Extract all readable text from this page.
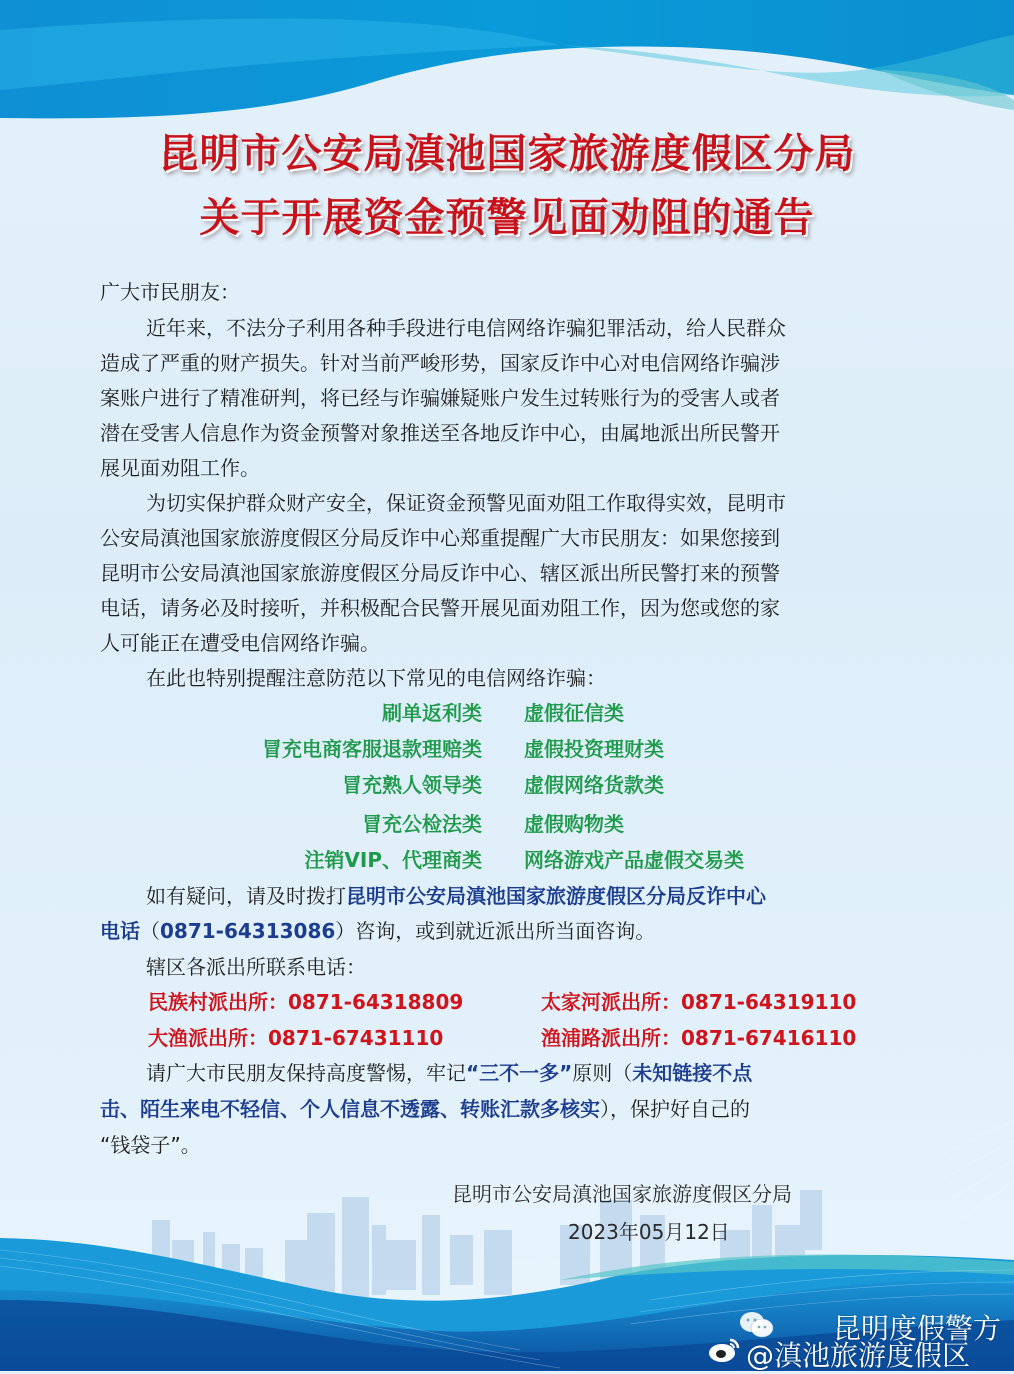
昆明市公安局滇池国家旅游度假区分局
关于开展资金预警见面劝阻的通告
广大市民朋友：
近年来，不法分子利用各种手段进行电信网络诈骗犯罪活动，给人民群众
造成了严重的财产损失。针对当前严峻形势，国家反诈中心对电信网络诈骗涉
案账户进行了精准研判，将已经与诈骗嫌疑账户发生过转账行为的受害人或者
潜在受害人信息作为资金预警对象推送至各地反诈中心，由属地派出所民警开
展见面劝阻工作。
为切实保护群众财产安全，保证资金预警见面劝阻工作取得实效，昆明市
公安局滇池国家旅游度假区分局反诈中心郑重提醒广大市民朋友：如果您接到
昆明市公安局滇池国家旅游度假区分局反诈中心、辖区派出所民警打来的预警
电话，请务必及时接听，并积极配合民警开展见面劝阻工作，因为您或您的家
人可能正在遭受电信网络诈骗。
在此也特别提醒注意防范以下常见的电信网络诈骗：
刷单返利类 虚假征信类
冒充电商客服退款理赔类 虚假投资理财类
冒充熟人领导类 虚假网络货款类
冒充公检法类 虚假购物类
注销VIP、代理商类 网络游戏产品虚假交易类
如有疑问，请及时拨打昆明市公安局滇池国家旅游度假区分局反诈中心
电话（0871-64313086）咨询，或到就近派出所当面咨询。
辖区各派出所联系电话：
民族村派出所：0871-64318809	太家河派出所：0871-64319110
大渔派出所：0871-67431110	渔浦路派出所：0871-67416110
请广大市民朋友保持高度警惕，牢记“三不一多”原则（未知链接不点
击、陌生来电不轻信、个人信息不透露、转账汇款多核实），保护好自己的
“钱袋子”。
昆明市公安局滇池国家旅游度假区分局
2023年05月12日
昆明度假警方
@滇池旅游度假区
